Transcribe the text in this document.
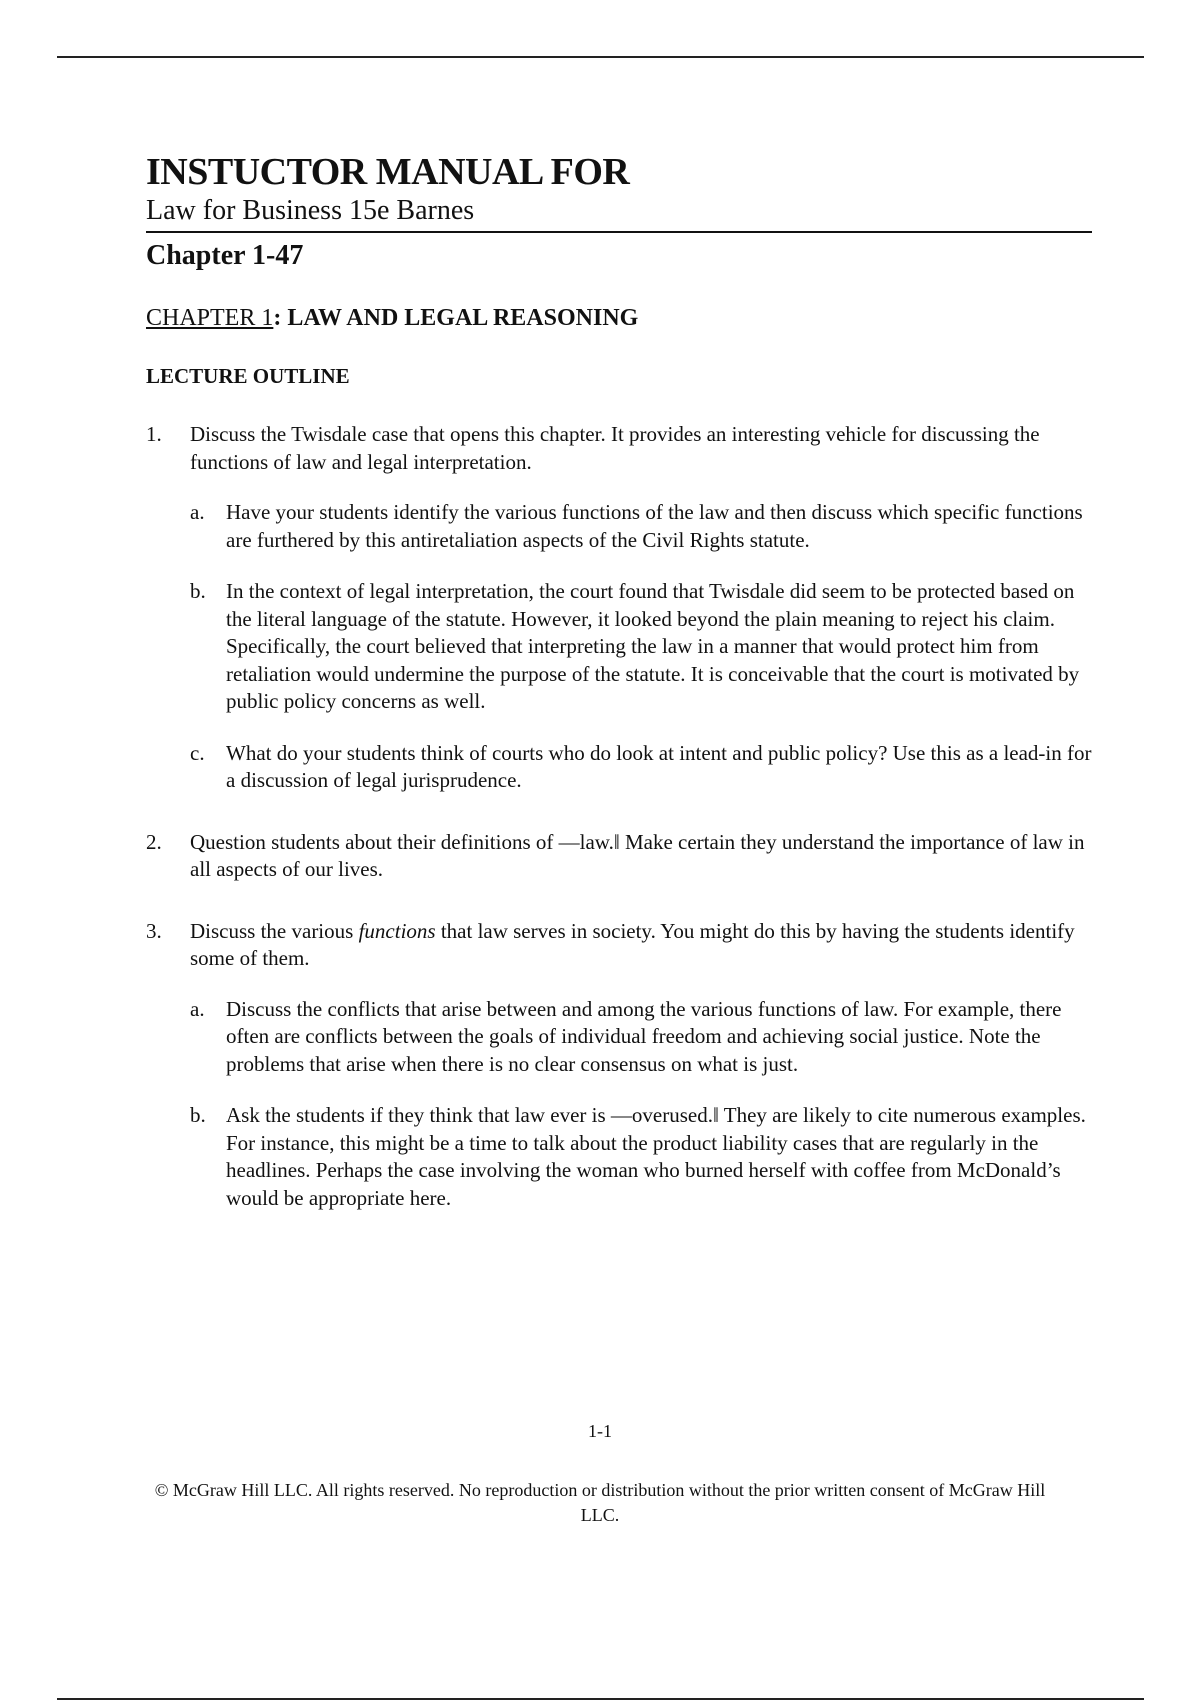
INSTUCTOR MANUAL FOR
Law for Business 15e Barnes
Chapter 1-47
CHAPTER 1: LAW AND LEGAL REASONING
LECTURE OUTLINE
1. Discuss the Twisdale case that opens this chapter. It provides an interesting vehicle for discussing the functions of law and legal interpretation.
a. Have your students identify the various functions of the law and then discuss which specific functions are furthered by this antiretaliation aspects of the Civil Rights statute.
b. In the context of legal interpretation, the court found that Twisdale did seem to be protected based on the literal language of the statute. However, it looked beyond the plain meaning to reject his claim. Specifically, the court believed that interpreting the law in a manner that would protect him from retaliation would undermine the purpose of the statute. It is conceivable that the court is motivated by public policy concerns as well.
c. What do your students think of courts who do look at intent and public policy? Use this as a lead-in for a discussion of legal jurisprudence.
2. Question students about their definitions of —law.‖ Make certain they understand the importance of law in all aspects of our lives.
3. Discuss the various functions that law serves in society. You might do this by having the students identify some of them.
a. Discuss the conflicts that arise between and among the various functions of law. For example, there often are conflicts between the goals of individual freedom and achieving social justice. Note the problems that arise when there is no clear consensus on what is just.
b. Ask the students if they think that law ever is —overused.‖ They are likely to cite numerous examples. For instance, this might be a time to talk about the product liability cases that are regularly in the headlines. Perhaps the case involving the woman who burned herself with coffee from McDonald’s would be appropriate here.
1-1
© McGraw Hill LLC. All rights reserved. No reproduction or distribution without the prior written consent of McGraw Hill LLC.
